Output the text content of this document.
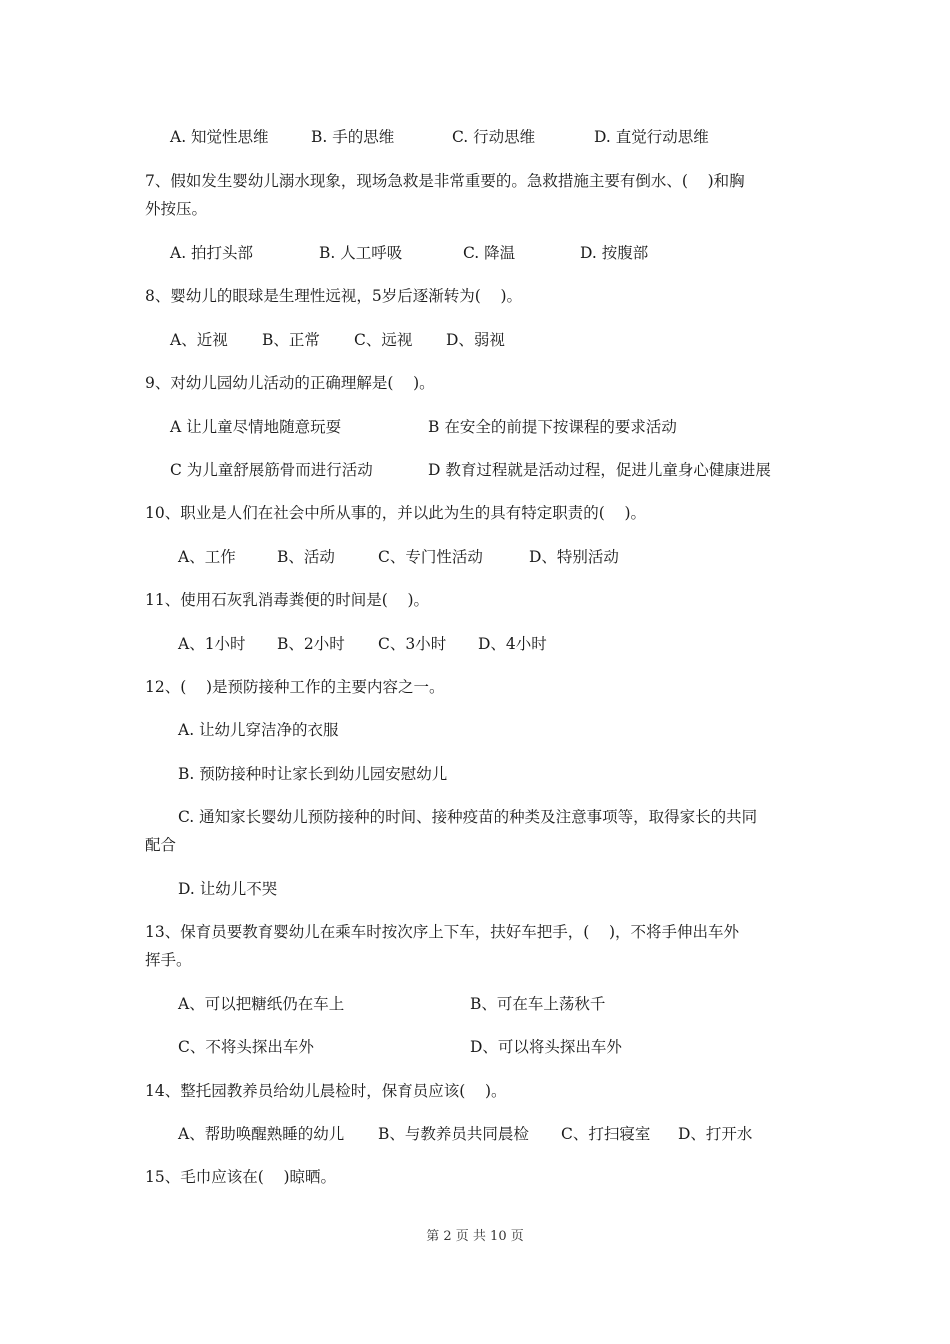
A. 知觉性思维	B. 手的思维	C. 行动思维	D. 直觉行动思维
7、假如发生婴幼儿溺水现象，现场急救是非常重要的。急救措施主要有倒水、(    )和胸
外按压。
A. 拍打头部	B. 人工呼吸	C. 降温	D. 按腹部
8、婴幼儿的眼球是生理性远视，5岁后逐渐转为(    )。
A、近视 B、正常 C、远视 D、弱视
9、对幼儿园幼儿活动的正确理解是(    )。
A 让儿童尽情地随意玩耍	B 在安全的前提下按课程的要求活动
C 为儿童舒展筋骨而进行活动	D 教育过程就是活动过程，促进儿童身心健康进展
10、职业是人们在社会中所从事的，并以此为生的具有特定职责的(    )。
A、工作	B、活动	C、专门性活动	D、特别活动
11、使用石灰乳消毒粪便的时间是(    )。
A、1小时 B、2小时 C、3小时 D、4小时
12、(    )是预防接种工作的主要内容之一。
A. 让幼儿穿洁净的衣服
B. 预防接种时让家长到幼儿园安慰幼儿
C. 通知家长婴幼儿预防接种的时间、接种疫苗的种类及注意事项等，取得家长的共同
配合
D. 让幼儿不哭
13、保育员要教育婴幼儿在乘车时按次序上下车，扶好车把手，(    )，不将手伸出车外
挥手。
A、可以把糖纸仍在车上	B、可在车上荡秋千
C、不将头探出车外	D、可以将头探出车外
14、整托园教养员给幼儿晨检时，保育员应该(    )。
A、帮助唤醒熟睡的幼儿 B、与教养员共同晨检 C、打扫寝室 D、打开水
15、毛巾应该在(    )晾晒。
第 2 页 共 10 页
